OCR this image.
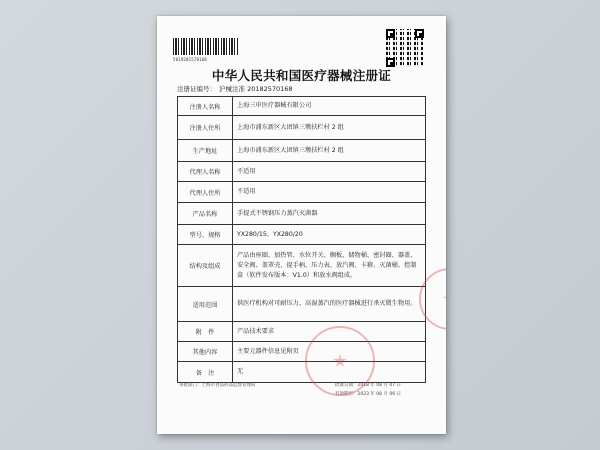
5019201570168
中华人民共和国医疗器械注册证
注册证编号： 沪械注准 20182570168
注册人名称	上海三申医疗器械有限公司
注册人住所	上海市浦东新区大团镇三墩扶栏村 2 组
生产地址	上海市浦东新区大团镇三墩扶栏村 2 组
代理人名称	不适用
代理人住所	不适用
产品名称	手提式不锈钢压力蒸汽灭菌器
型号、规格	YX280/15、YX280/20
结构及组成	产品由座圈、加热管、水位开关、搁板、储物桶、密封圈、器盖、安全阀、盖罩壳、提手柄、压力表、放汽阀、卡箍、灭菌桶、控制盒（软件发布版本：V1.0）和放水阀组成。
适用范围	供医疗机构对可耐压力、高湿蒸汽的医疗器械进行杀灭微生物用。
附　件	产品技术要求
其他内容	主要元器件信息见附页
备　注	无
审批部门：上海市食品药品监督管理局	批准日期：2018 年 08 月 07 日
有效期至：2023 年 08 月 06 日
